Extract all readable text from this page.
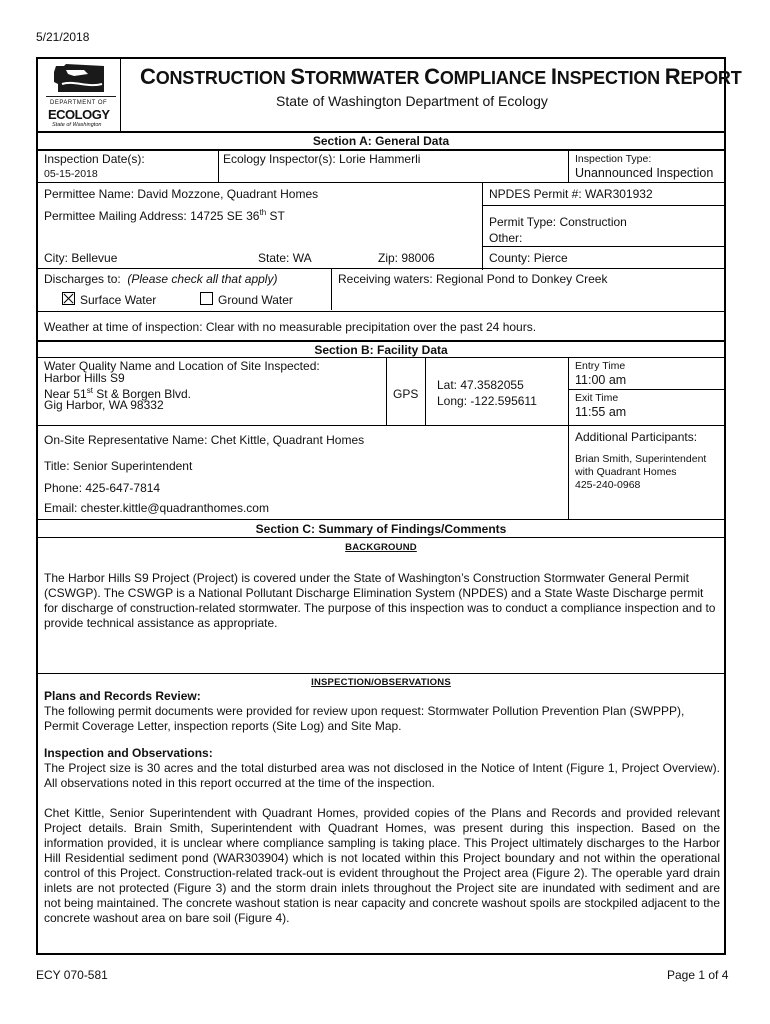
5/21/2018
DEPARTMENT OF
ECOLOGY
State of Washington
CONSTRUCTION STORMWATER COMPLIANCE INSPECTION REPORT
State of Washington Department of Ecology
Section A: General Data
Inspection Date(s):
05-15-2018
Ecology Inspector(s): Lorie Hammerli	Inspection Type:
Unannounced Inspection
Permittee Name: David Mozzone, Quadrant Homes
Permittee Mailing Address: 14725 SE 36th ST
NPDES Permit #: WAR301932
Permit Type: Construction
Other:
City: Bellevue	State: WA	Zip: 98006	County: Pierce
Discharges to: (Please check all that apply)
Surface Water	Ground Water
Receiving waters: Regional Pond to Donkey Creek
Weather at time of inspection: Clear with no measurable precipitation over the past 24 hours.
Section B: Facility Data
Water Quality Name and Location of Site Inspected:
Harbor Hills S9
Near 51st St & Borgen Blvd.
Gig Harbor, WA 98332
GPS
Lat: 47.3582055
Long: -122.595611
Entry Time
11:00 am
Exit Time
11:55 am
On-Site Representative Name: Chet Kittle, Quadrant Homes
Title: Senior Superintendent
Phone: 425-647-7814
Email: chester.kittle@quadranthomes.com
Additional Participants:
Brian Smith, Superintendent
with Quadrant Homes
425-240-0968
Section C: Summary of Findings/Comments
BACKGROUND
The Harbor Hills S9 Project (Project) is covered under the State of Washington’s Construction Stormwater General Permit (CSWGP). The CSWGP is a National Pollutant Discharge Elimination System (NPDES) and a State Waste Discharge permit for discharge of construction-related stormwater. The purpose of this inspection was to conduct a compliance inspection and to provide technical assistance as appropriate.
INSPECTION/OBSERVATIONS
Plans and Records Review:
The following permit documents were provided for review upon request: Stormwater Pollution Prevention Plan (SWPPP), Permit Coverage Letter, inspection reports (Site Log) and Site Map.
Inspection and Observations:
The Project size is 30 acres and the total disturbed area was not disclosed in the Notice of Intent (Figure 1, Project Overview). All observations noted in this report occurred at the time of the inspection.
Chet Kittle, Senior Superintendent with Quadrant Homes, provided copies of the Plans and Records and provided relevant Project details. Brain Smith, Superintendent with Quadrant Homes, was present during this inspection. Based on the information provided, it is unclear where compliance sampling is taking place. This Project ultimately discharges to the Harbor Hill Residential sediment pond (WAR303904) which is not located within this Project boundary and not within the operational control of this Project. Construction-related track-out is evident throughout the Project area (Figure 2). The operable yard drain inlets are not protected (Figure 3) and the storm drain inlets throughout the Project site are inundated with sediment and are not being maintained. The concrete washout station is near capacity and concrete washout spoils are stockpiled adjacent to the concrete washout area on bare soil (Figure 4).
ECY 070-581	Page 1 of 4
